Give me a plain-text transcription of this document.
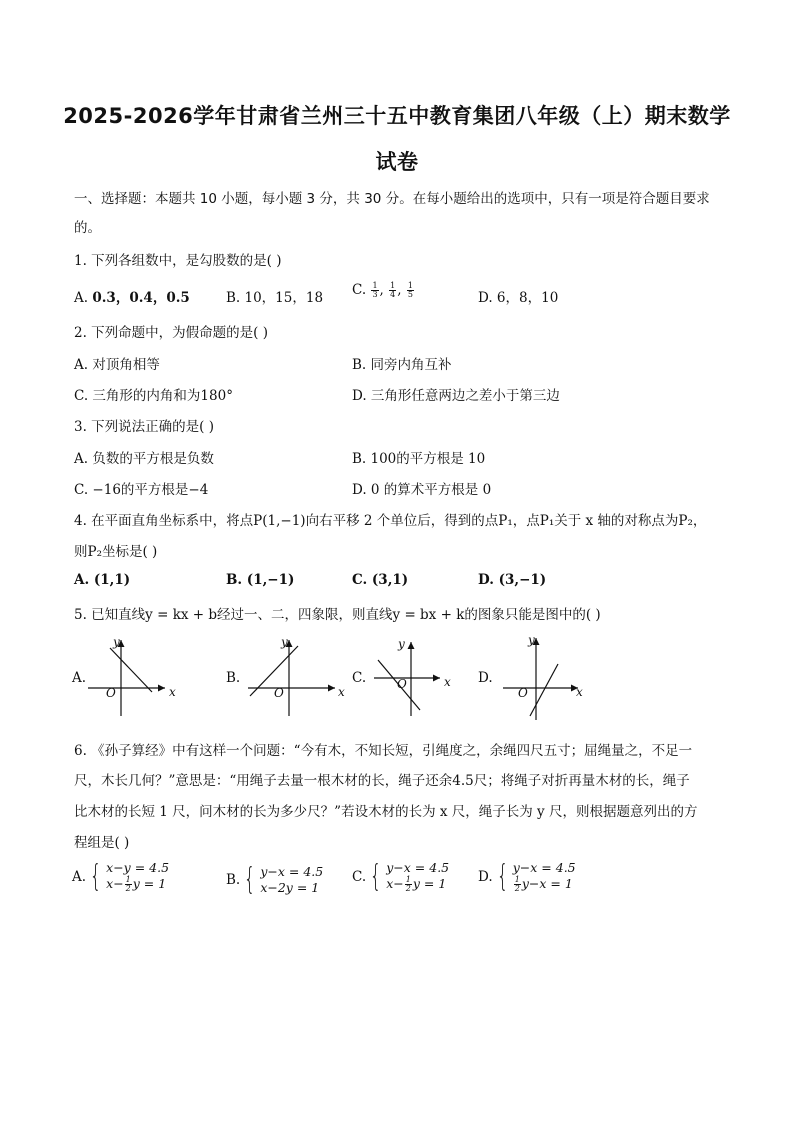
2025-2026学年甘肃省兰州三十五中教育集团八年级（上）期末数学
试卷
一、选择题：本题共 10 小题，每小题 3 分，共 30 分。在每小题给出的选项中，只有一项是符合题目要求
的。
1. 下列各组数中，是勾股数的是( )
A. 0.3，0.4，0.5	B. 10，15，18 C. $\frac{1}{3}$ , $\frac{1}{4}$ , $\frac{1}{5}$	D. 6，8，10
2. 下列命题中，为假命题的是( )
A. 对顶角相等	B. 同旁内角互补
C. 三角形的内角和为180°	D. 三角形任意两边之差小于第三边
3. 下列说法正确的是( )
A. 负数的平方根是负数	B. 100的平方根是 10
C. −16的平方根是−4	D. 0 的算术平方根是 0
4. 在平面直角坐标系中，将点P(1,−1)向右平移 2 个单位后，得到的点P₁，点P₁关于 x 轴的对称点为P₂，
则P₂坐标是( )
A. (1,1)	B. (1,−1)	C. (3,1)	D. (3,−1)
5. 已知直线y = kx + b经过一、二，四象限，则直线y = bx + k的图象只能是图中的( )
A.	B.	C.	D.
y
x
O
y
x
O
y
x
O
y
x
O
6. 《孙子算经》中有这样一个问题：“今有木，不知长短，引绳度之，余绳四尺五寸；屈绳量之，不足一
尺，木长几何？”意思是：“用绳子去量一根木材的长，绳子还余4.5尺；将绳子对折再量木材的长，绳子
比木材的长短 1 尺，问木材的长为多少尺？”若设木材的长为 x 尺，绳子长为 y 尺，则根据题意列出的方
程组是( )
A. { x−y = 4.5
$x- \frac{1}{2}$ y = 1	B. { y−x = 4.5
x−2y = 1
C. { y−x = 4.5
$x- \frac{1}{2}$ y = 1 D. { y−x = 4.5
$\frac{1}{2} y-x = 1$
